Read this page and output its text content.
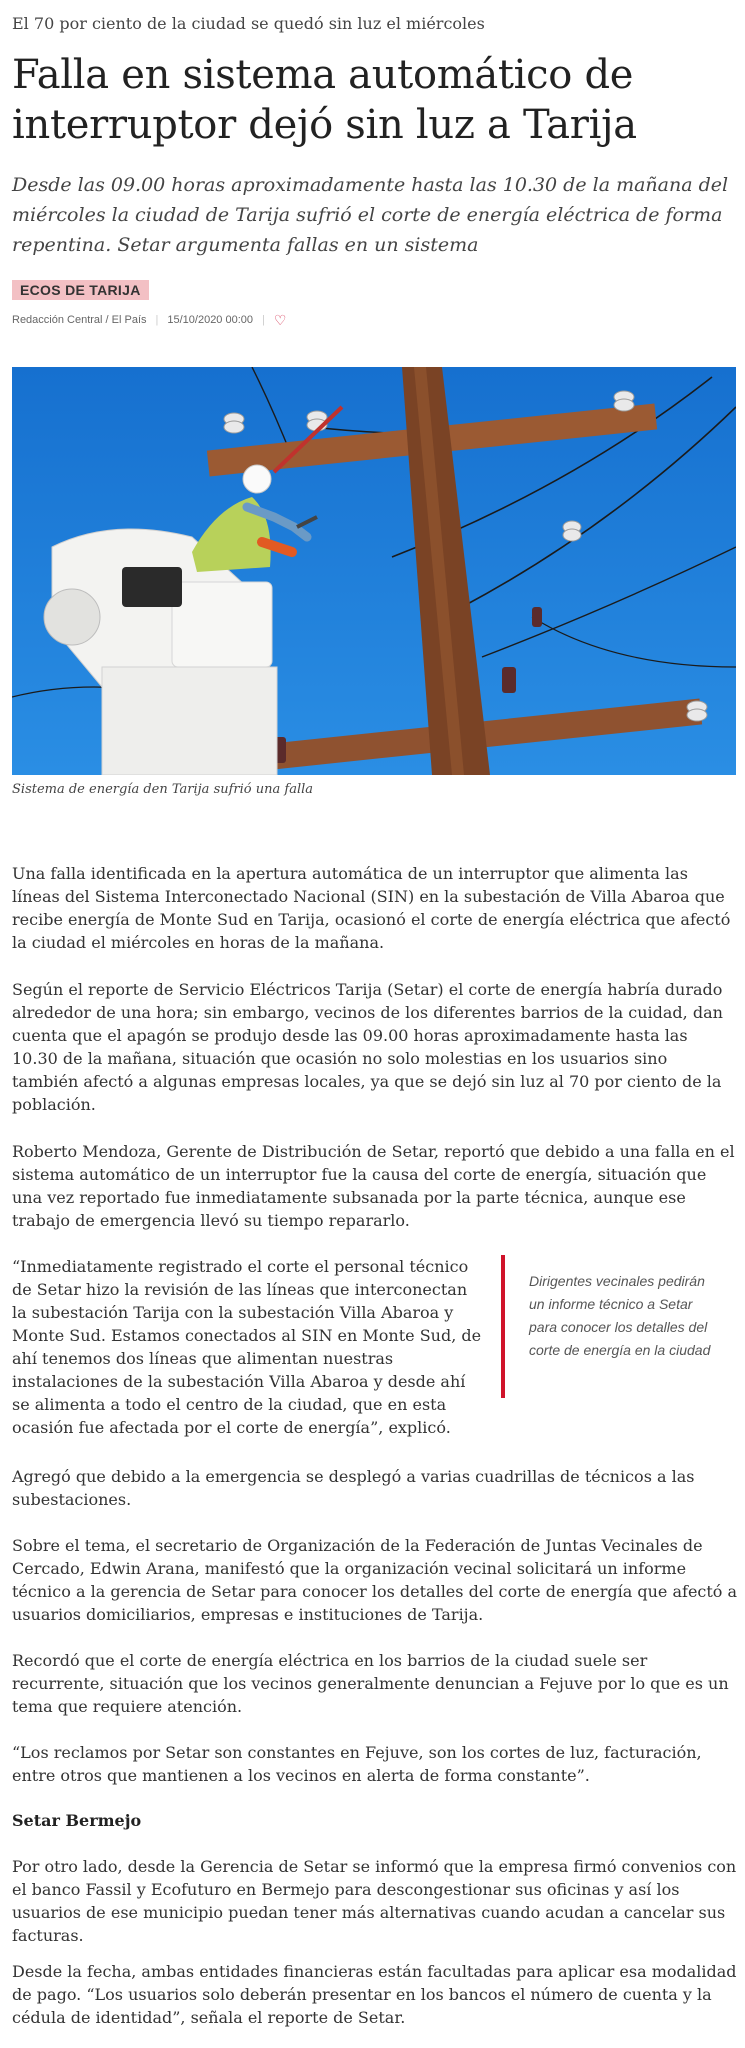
El 70 por ciento de la ciudad se quedó sin luz el miércoles
Falla en sistema automático de interruptor dejó sin luz a Tarija

Desde las 09.00 horas aproximadamente hasta las 10.30 de la mañana del miércoles la ciudad de Tarija sufrió el corte de energía eléctrica de forma repentina. Setar argumenta fallas en un sistema

ECOS DE TARIJA
Redacción Central / El País | 15/10/2020 00:00 | ♡
Sistema de energía den Tarija sufrió una falla

Una falla identificada en la apertura automática de un interruptor que alimenta las líneas del Sistema Interconectado Nacional (SIN) en la subestación de Villa Abaroa que recibe energía de Monte Sud en Tarija, ocasionó el corte de energía eléctrica que afectó la ciudad el miércoles en horas de la mañana.

Según el reporte de Servicio Eléctricos Tarija (Setar) el corte de energía habría durado alrededor de una hora; sin embargo, vecinos de los diferentes barrios de la cuidad, dan cuenta que el apagón se produjo desde las 09.00 horas aproximadamente hasta las 10.30 de la mañana, situación que ocasión no solo molestias en los usuarios sino también afectó a algunas empresas locales, ya que se dejó sin luz al 70 por ciento de la población.

Roberto Mendoza, Gerente de Distribución de Setar, reportó que debido a una falla en el sistema automático de un interruptor fue la causa del corte de energía, situación que una vez reportado fue inmediatamente subsanada por la parte técnica, aunque ese trabajo de emergencia llevó su tiempo repararlo.

“Inmediatamente registrado el corte el personal técnico de Setar hizo la revisión de las líneas que interconectan la subestación Tarija con la subestación Villa Abaroa y Monte Sud. Estamos conectados al SIN en Monte Sud, de ahí tenemos dos líneas que alimentan nuestras instalaciones de la subestación Villa Abaroa y desde ahí se alimenta a todo el centro de la ciudad, que en esta ocasión fue afectada por el corte de energía”, explicó.

Agregó que debido a la emergencia se desplegó a varias cuadrillas de técnicos a las subestaciones.

Sobre el tema, el secretario de Organización de la Federación de Juntas Vecinales de Cercado, Edwin Arana, manifestó que la organización vecinal solicitará un informe técnico a la gerencia de Setar para conocer los detalles del corte de energía que afectó a usuarios domiciliarios, empresas e instituciones de Tarija.

Recordó que el corte de energía eléctrica en los barrios de la ciudad suele ser recurrente, situación que los vecinos generalmente denuncian a Fejuve por lo que es un tema que requiere atención.

“Los reclamos por Setar son constantes en Fejuve, son los cortes de luz, facturación, entre otros que mantienen a los vecinos en alerta de forma constante”.

Setar Bermejo

Por otro lado, desde la Gerencia de Setar se informó que la empresa firmó convenios con el banco Fassil y Ecofuturo en Bermejo para descongestionar sus oficinas y así los usuarios de ese municipio puedan tener más alternativas cuando acudan a cancelar sus facturas.

Desde la fecha, ambas entidades financieras están facultadas para aplicar esa modalidad de pago. “Los usuarios solo deberán presentar en los bancos el número de cuenta y la cédula de identidad”, señala el reporte de Setar.

Dirigentes vecinales pedirán un informe técnico a Setar para conocer los detalles del corte de energía en la ciudad
